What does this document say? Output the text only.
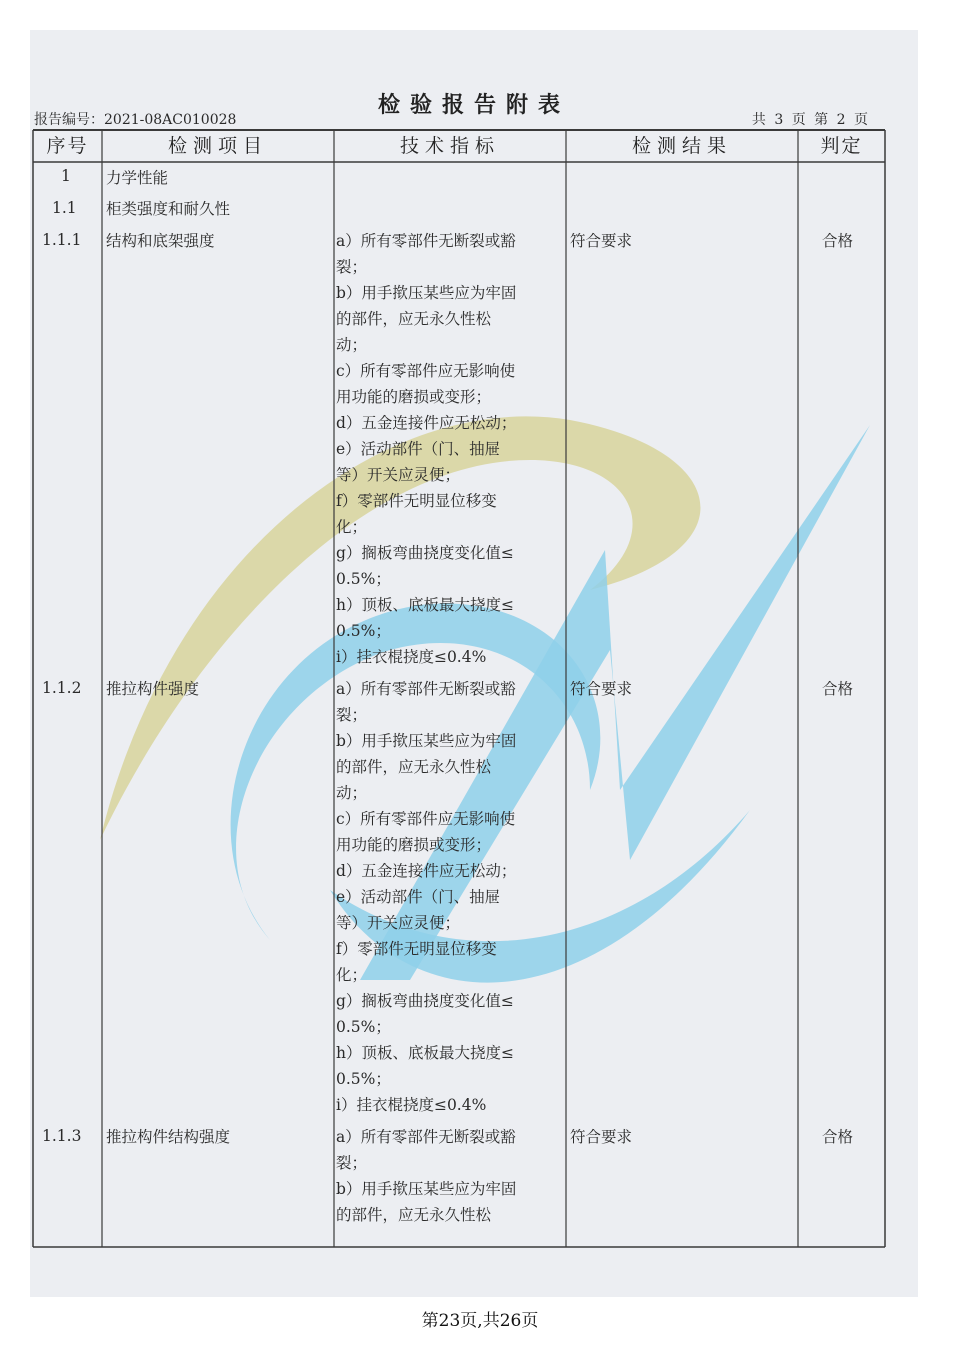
检验报告附表
报告编号：2021-08AC010028	共 3 页 第 2 页
序号	检测项目	技术指标	检测结果	判定
1 力学性能
1.1 柜类强度和耐久性
1.1.1 结构和底架强度	a）所有零部件无断裂或豁
裂；
b）用手揿压某些应为牢固
的部件，应无永久性松
动；
c）所有零部件应无影响使
用功能的磨损或变形；
d）五金连接件应无松动；
e）活动部件（门、抽屉
等）开关应灵便；
f）零部件无明显位移变
化；
g）搁板弯曲挠度变化值≤
0.5%；
h）顶板、底板最大挠度≤
0.5%；
i）挂衣棍挠度≤0.4%
符合要求	合格
1.1.2 推拉构件强度	a）所有零部件无断裂或豁
裂；
b）用手揿压某些应为牢固
的部件，应无永久性松
动；
c）所有零部件应无影响使
用功能的磨损或变形；
d）五金连接件应无松动；
e）活动部件（门、抽屉
等）开关应灵便；
f）零部件无明显位移变
化；
g）搁板弯曲挠度变化值≤
0.5%；
h）顶板、底板最大挠度≤
0.5%；
i）挂衣棍挠度≤0.4%
符合要求	合格
1.1.3 推拉构件结构强度	a）所有零部件无断裂或豁
裂；
b）用手揿压某些应为牢固
的部件，应无永久性松
符合要求	合格
第23页,共26页
